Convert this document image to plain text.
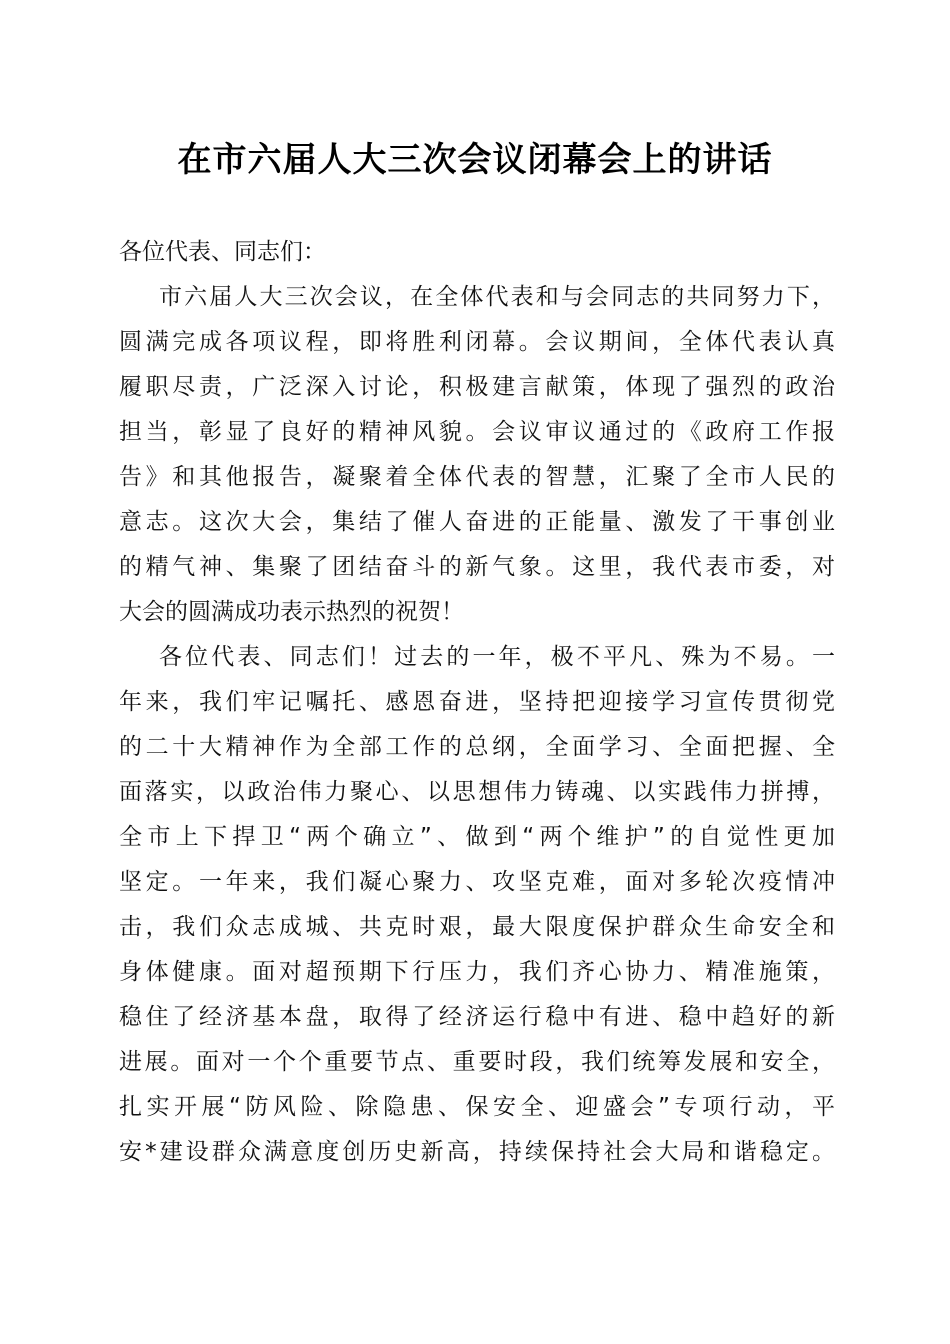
在市六届人大三次会议闭幕会上的讲话

各位代表、同志们：

市六届人大三次会议，在全体代表和与会同志的共同努力下，
圆满完成各项议程，即将胜利闭幕。会议期间，全体代表认真
履职尽责，广泛深入讨论，积极建言献策，体现了强烈的政治
担当，彰显了良好的精神风貌。会议审议通过的《政府工作报
告》和其他报告，凝聚着全体代表的智慧，汇聚了全市人民的
意志。这次大会，集结了催人奋进的正能量、激发了干事创业
的精气神、集聚了团结奋斗的新气象。这里，我代表市委，对
大会的圆满成功表示热烈的祝贺！
各位代表、同志们！过去的一年，极不平凡、殊为不易。一
年来，我们牢记嘱托、感恩奋进，坚持把迎接学习宣传贯彻党
的二十大精神作为全部工作的总纲，全面学习、全面把握、全
面落实，以政治伟力聚心、以思想伟力铸魂、以实践伟力拼搏，
全市上下捍卫“两个确立”、做到“两个维护”的自觉性更加
坚定。一年来，我们凝心聚力、攻坚克难，面对多轮次疫情冲
击，我们众志成城、共克时艰，最大限度保护群众生命安全和
身体健康。面对超预期下行压力，我们齐心协力、精准施策，
稳住了经济基本盘，取得了经济运行稳中有进、稳中趋好的新
进展。面对一个个重要节点、重要时段，我们统筹发展和安全，
扎实开展“防风险、除隐患、保安全、迎盛会”专项行动，平
安*建设群众满意度创历史新高，持续保持社会大局和谐稳定。
